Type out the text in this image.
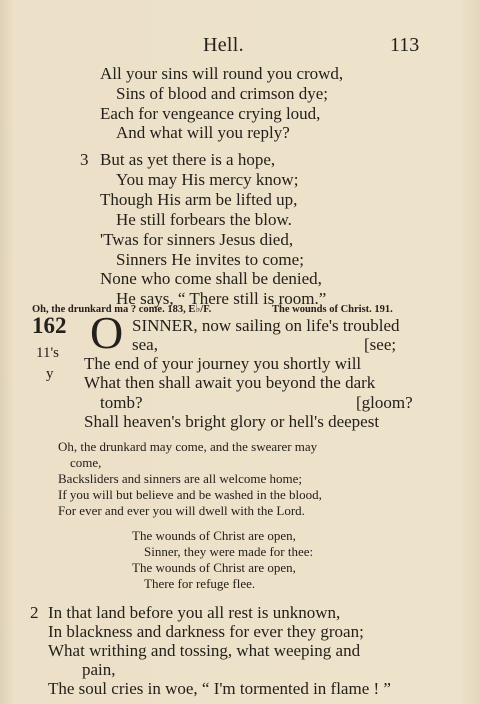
Hell.	113
All your sins will round you crowd,
Sins of blood and crimson dye;
Each for vengeance crying loud,
And what will you reply?
3 But as yet there is a hope,
You may His mercy know;
Though His arm be lifted up,
He still forbears the blow.
'Twas for sinners Jesus died,
Sinners He invites to come;
None who come shall be denied,
He says, “ There still is room.”
Oh, the drunkard ma ? come. 183, E♭/F.	The wounds of Christ. 191.
162
11's
y
O SINNER, now sailing on life's troubled
sea,	[see;
The end of your journey you shortly will
What then shall await you beyond the dark
tomb?	[gloom?
Shall heaven's bright glory or hell's deepest
Oh, the drunkard may come, and the swearer may
come,
Backsliders and sinners are all welcome home;
If you will but believe and be washed in the blood,
For ever and ever you will dwell with the Lord.
The wounds of Christ are open,
Sinner, they were made for thee:
The wounds of Christ are open,
There for refuge flee.
2 In that land before you all rest is unknown,
In blackness and darkness for ever they groan;
What writhing and tossing, what weeping and
pain,
The soul cries in woe, “ I'm tormented in flame ! ”
